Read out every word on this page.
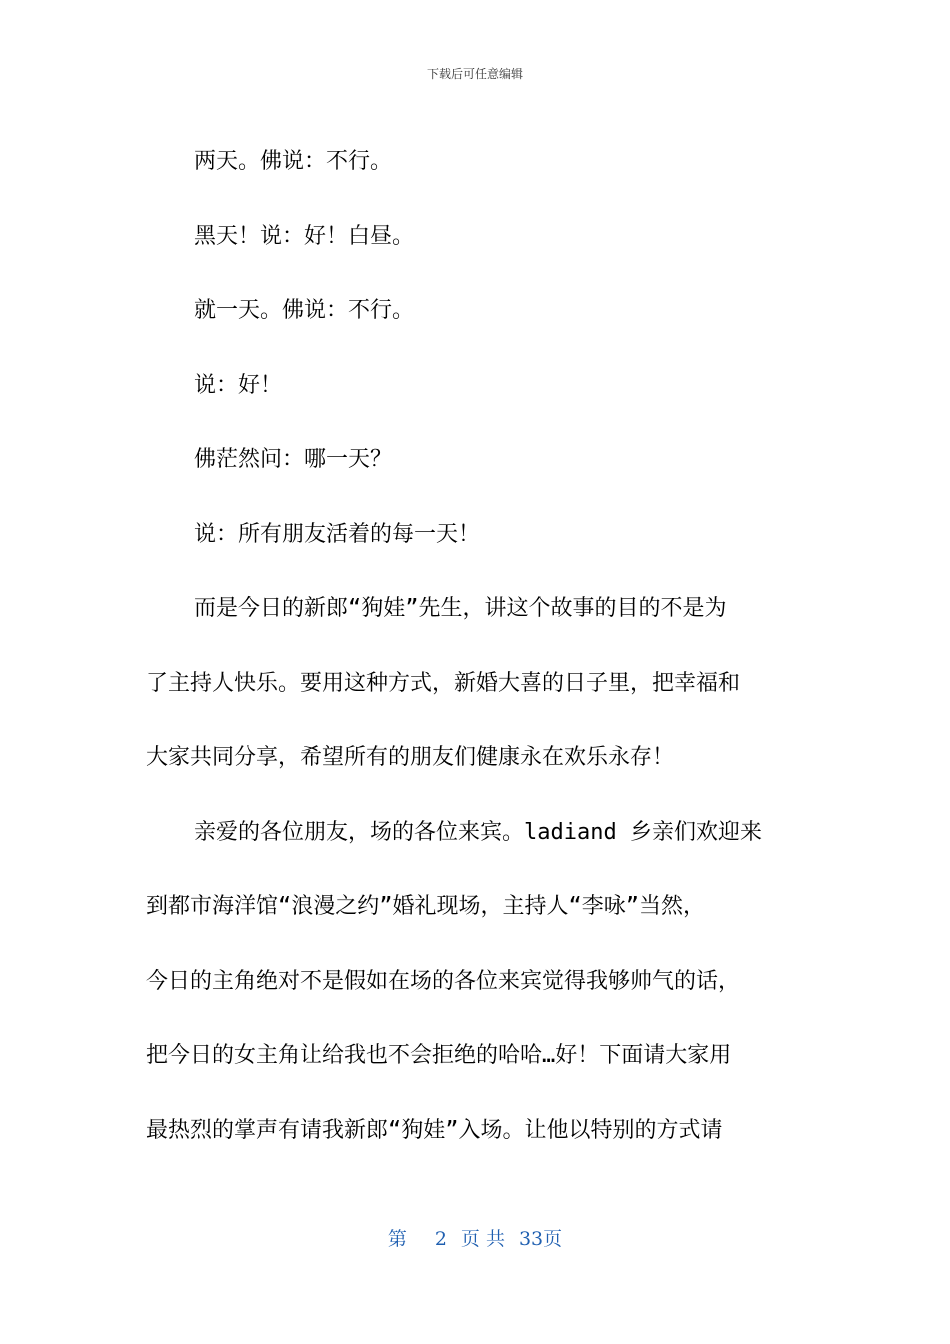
下载后可任意编辑

两天。佛说：不行。

黑天！说：好！白昼。

就一天。佛说：不行。

说：好！

佛茫然问：哪一天？

说：所有朋友活着的每一天！

而是今日的新郎“狗娃”先生，讲这个故事的目的不是为

了主持人快乐。要用这种方式，新婚大喜的日子里，把幸福和

大家共同分享，希望所有的朋友们健康永在欢乐永存！

亲爱的各位朋友，场的各位来宾。ladiand 乡亲们欢迎来

到都市海洋馆“浪漫之约”婚礼现场，主持人“李咏”当然，

今日的主角绝对不是假如在场的各位来宾觉得我够帅气的话，

把今日的女主角让给我也不会拒绝的哈哈…好！下面请大家用

最热烈的掌声有请我新郎“狗娃”入场。让他以特别的方式请

第 2 页 共 33页
